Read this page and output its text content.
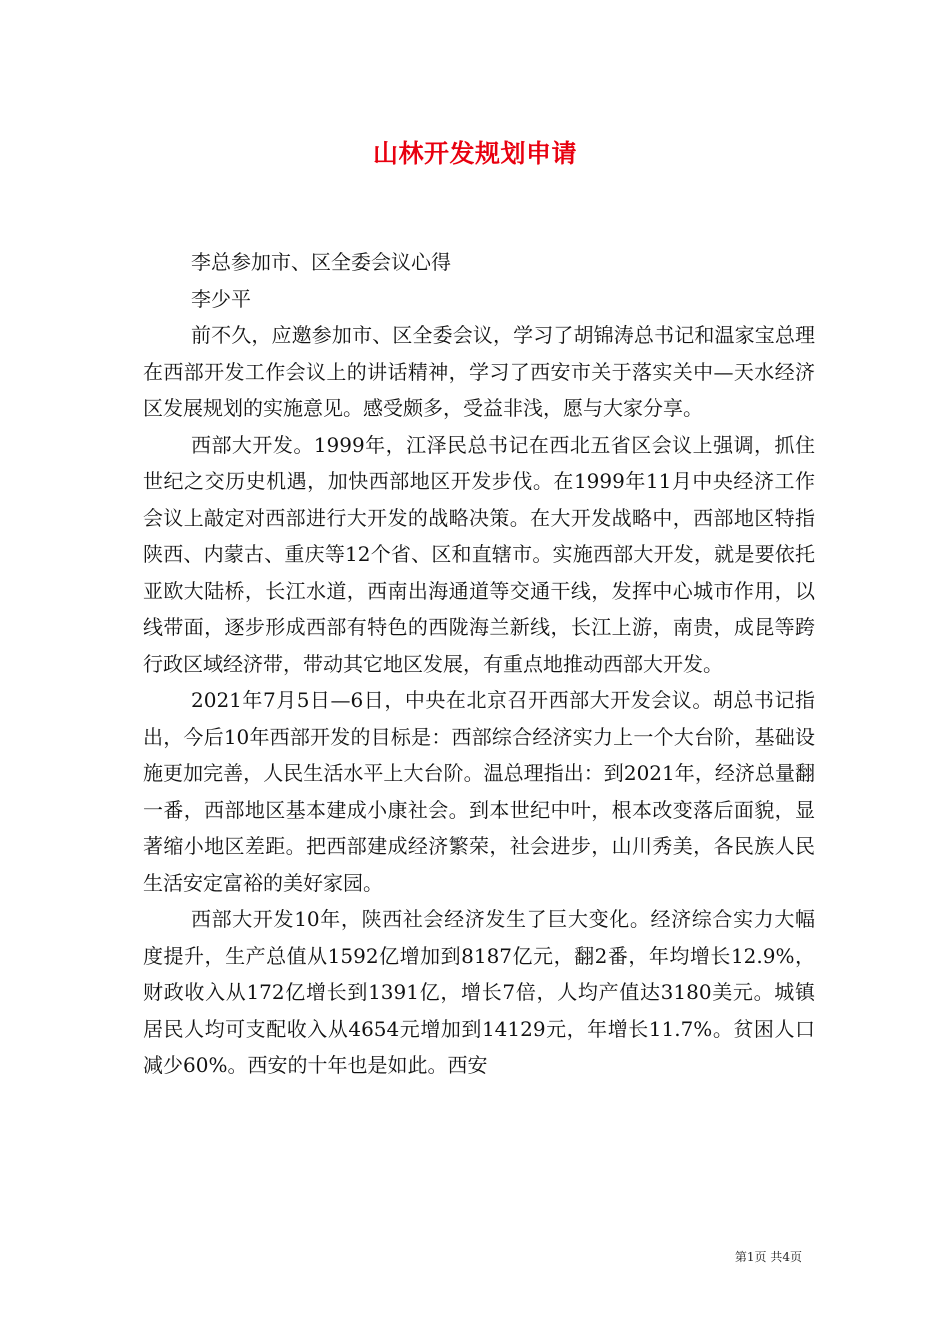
山林开发规划申请

李总参加市、区全委会议心得

李少平

前不久，应邀参加市、区全委会议，学习了胡锦涛总书记和温家宝总理在西部开发工作会议上的讲话精神，学习了西安市关于落实关中—天水经济区发展规划的实施意见。感受颇多，受益非浅，愿与大家分享。

西部大开发。1999年，江泽民总书记在西北五省区会议上强调，抓住世纪之交历史机遇，加快西部地区开发步伐。在1999年11月中央经济工作会议上敲定对西部进行大开发的战略决策。在大开发战略中，西部地区特指陕西、内蒙古、重庆等12个省、区和直辖市。实施西部大开发，就是要依托亚欧大陆桥，长江水道，西南出海通道等交通干线，发挥中心城市作用，以线带面，逐步形成西部有特色的西陇海兰新线，长江上游，南贵，成昆等跨行政区域经济带，带动其它地区发展，有重点地推动西部大开发。

2021年7月5日—6日，中央在北京召开西部大开发会议。胡总书记指出，今后10年西部开发的目标是：西部综合经济实力上一个大台阶，基础设施更加完善，人民生活水平上大台阶。温总理指出：到2021年，经济总量翻一番，西部地区基本建成小康社会。到本世纪中叶，根本改变落后面貌，显著缩小地区差距。把西部建成经济繁荣，社会进步，山川秀美，各民族人民生活安定富裕的美好家园。

西部大开发10年，陕西社会经济发生了巨大变化。经济综合实力大幅度提升，生产总值从1592亿增加到8187亿元，翻2番，年均增长12.9%，财政收入从172亿增长到1391亿，增长7倍，人均产值达3180美元。城镇居民人均可支配收入从4654元增加到14129元，年增长11.7%。贫困人口减少60%。西安的十年也是如此。西安

第1页 共4页
